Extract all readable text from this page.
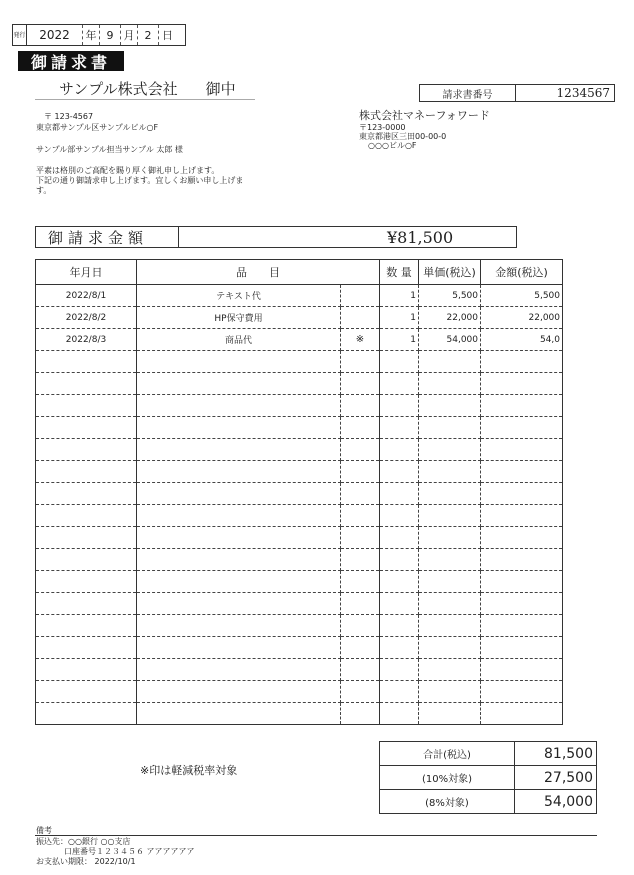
発行	2022	年 9 月 2 日
御請求書
サンプル株式会社 御中
〒 123-4567
東京都サンプル区サンプルビル○F
サンプル部サンプル担当サンプル 太郎 様
平素は格別のご高配を賜り厚く御礼申し上げます。
下記の通り御請求申し上げます。宜しくお願い申し上げま
す。
請求書番号	1234567
株式会社マネーフォワード
〒123-0000
東京都港区三田00-00-0
○○○ビル○F
御請求金額	¥81,500
年月日	品　　目		数 量	単価(税込)	金額(税込)
2022/8/1	テキスト代		1	5,500	5,500
2022/8/2	HP保守費用		1	22,000	22,000
2022/8/3	商品代	※	1	54,000	54,0

※印は軽減税率対象
合計(税込)	81,500
(10%対象)	27,500
(8%対象)	54,000
備考
振込先：○○銀行 ○○支店
口座番号１２３４５６ アアアアアア
お支払い期限： 2022/10/1
